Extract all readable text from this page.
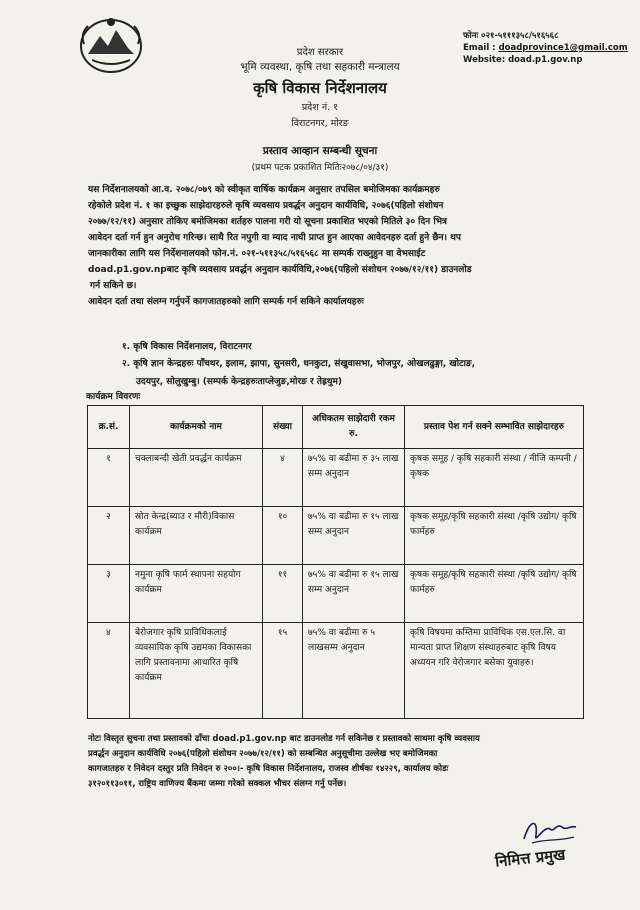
फोनः ०२१-५१११३५८/५१६५६८
Email : doadprovince1@gmail.com
Website: doad.p1.gov.np
प्रदेश सरकार
भूमि व्यवस्था, कृषि तथा सहकारी मन्त्रालय
कृषि विकास निर्देशनालय
प्रदेश नं. १
विराटनगर, मोरङ
प्रस्ताव आव्हान सम्बन्धी सूचना
(प्रथम पटक प्रकाशित मितिः२०७८/०४/३१)
यस निर्देशनालयको आ.व. २०७८/०७९ को स्वीकृत वार्षिक कार्यक्रम अनुसार तपसिल बमोजिमका कार्यक्रमहरु
रहेकोले प्रदेश नं. १ का इच्छुक साझेदारहरुले कृषि व्यवसाय प्रवर्द्धन अनुदान कार्यविधि, २०७६(पहिलो संशोधन
२०७७/१२/११) अनुसार तोकिए बमोजिमका शर्तहरु पालना गरी यो सूचना प्रकाशित भएको मितिले ३० दिन भित्र
आवेदन दर्ता गर्न हुन अनुरोध गरिन्छ। साथै रित नपुगी वा म्याद नाघी प्राप्त हुन आएका आवेदनहरु दर्ता हुने छैन। थप
जानकारीका लागि यस निर्देशनालयको फोन.नं. ०२१-५११३५८/५१६५६८ मा सम्पर्क राख्नुहुन वा वेभसाईट
doad.p1.gov.npबाट कृषि व्यवसाय प्रवर्द्धन अनुदान कार्यविधि,२०७६(पहिलो संशोधन २०७७/१२/११) डाउनलोड
गर्न सकिने छ।
आवेदन दर्ता तथा संलग्न गर्नुपर्ने कागजातहरुको लागि सम्पर्क गर्न सकिने कार्यालयहरुः
१. कृषि विकास निर्देशनालय, विराटनगर
२. कृषि ज्ञान केन्द्रहरुः पाँचथर, इलाम, झापा, सुनसरी, धनकुटा, संखुवासभा, भोजपुर, ओखलढुङ्गा, खोटाङ,
उदयपुर, सोलुखुम्बु। (सम्पर्क केन्द्रहरुःताप्लेजुङ,मोरङ र तेह्रथुम)
कार्यक्रम विवरणः
क्र.सं.	कार्यक्रमको नाम	संख्या	अधिकतम साझेदारी रकम रु.	प्रस्ताव पेश गर्न सक्ने सम्भावित साझेदारहरु
१	चक्लाबन्दी खेती प्रवर्द्धन कार्यक्रम	४	७५% वा बढीमा रु ३५ लाख सम्म अनुदान	कृषक समूह / कृषि सहकारी संस्था / नीजि कम्पनी / कृषक
२	स्रोत केन्द्र(ब्याउ र मौरी)विकास कार्यक्रम	१०	७५% वा बढीमा रु १५ लाख सम्म अनुदान	कृषक समूह/कृषि सहकारी संस्था /कृषि उद्योग/ कृषि फार्महरु
३	नमुना कृषि फार्म स्थापना सहयोग कार्यक्रम	११	७५% वा बढीमा रु १५ लाख सम्म अनुदान	कृषक समूह/कृषि सहकारी संस्था /कृषि उद्योग/ कृषि फार्महरु
४	बेरोजगार कृषि प्राविधिकलाई व्यवसायिक कृषि उद्यमका विकासका लागि प्रस्तावनामा आधारित कृषि कार्यक्रम	१५	७५% वा बढीमा रु ५ लाखसम्म अनुदान	कृषि विषयमा कम्तिमा प्राविधिक एस.एल.सि. वा मान्यता प्राप्त शिक्षण संस्थाहरुबाट कृषि विषय अध्ययन गरि वेरोजगार बसेका युवाहरु।
नोटः विस्तृत सुचना तथा प्रस्तावको ढाँचा doad.p1.gov.np बाट डाउनलोड गर्न सकिनेछ र प्रस्तावको साथमा कृषि व्यवसाय
प्रवर्द्धन अनुदान कार्यविधि २०७६(पहिलो संशोधन २०७७/१२/११) को सम्बन्धित अनुसूचीमा उल्लेख भए बमोजिमका
कागजातहरु र निवेदन दस्तुर प्रति निवेदन रु २००।- कृषि विकास निर्देशनालय, राजस्व शीर्षकः १४२२९, कार्यालय कोडः
३१२०११३०११, राष्ट्रिय वाणिज्य बैंकमा जम्मा गरेको सक्कल भौचर संलग्न गर्नु पर्नेछ।
निमित्त प्रमुख
